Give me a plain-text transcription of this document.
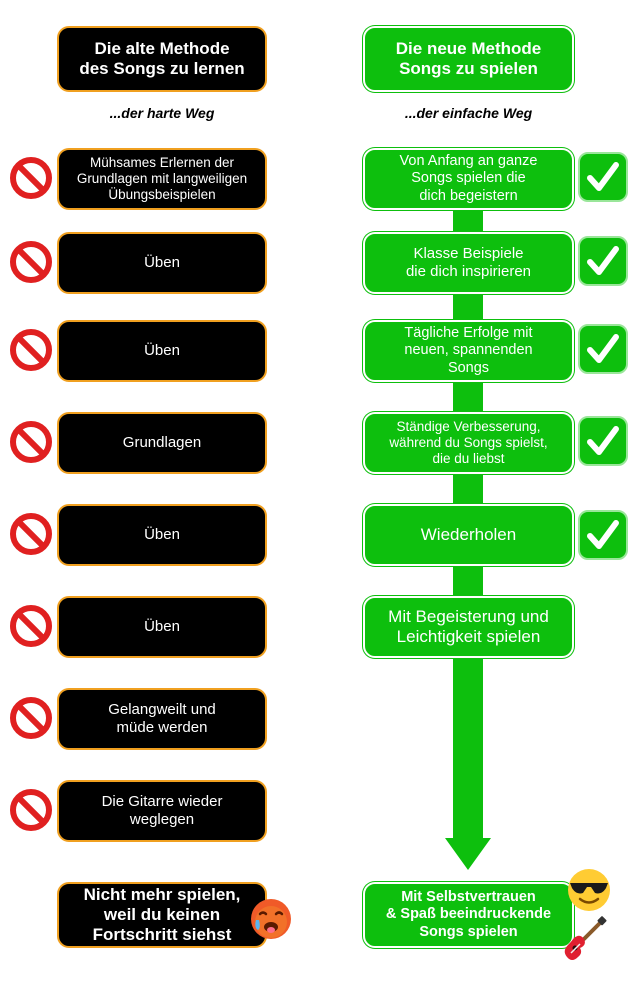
Die alte Methode
des Songs zu lernen
Die neue Methode
Songs zu spielen
...der harte Weg	...der einfache Weg
Mühsames Erlernen der
Grundlagen mit langweiligen
Übungsbeispielen
Üben
Üben
Grundlagen
Üben
Üben
Gelangweilt und
müde werden
Die Gitarre wieder
weglegen
Nicht mehr spielen,
weil du keinen
Fortschritt siehst
Von Anfang an ganze
Songs spielen die
dich begeistern
Klasse Beispiele
die dich inspirieren
Tägliche Erfolge mit
neuen, spannenden
Songs
Ständige Verbesserung,
während du Songs spielst,
die du liebst
Wiederholen
Mit Begeisterung und
Leichtigkeit spielen
Mit Selbstvertrauen
& Spaß beeindruckende
Songs spielen
